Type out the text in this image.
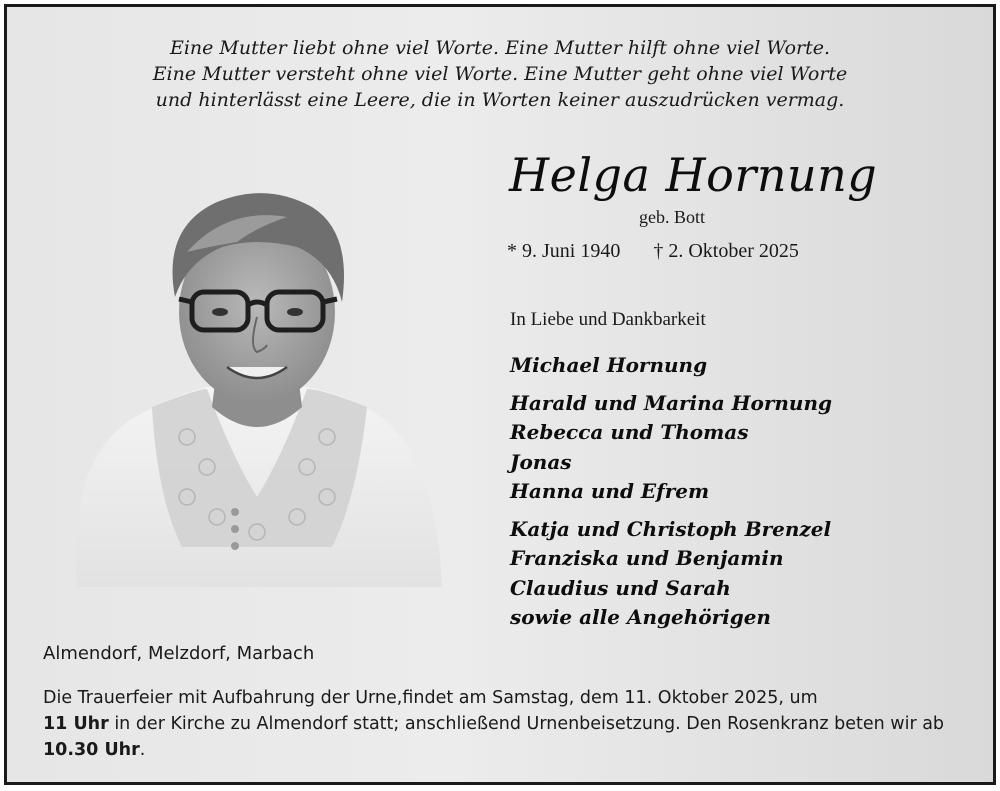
Eine Mutter liebt ohne viel Worte. Eine Mutter hilft ohne viel Worte.
Eine Mutter versteht ohne viel Worte. Eine Mutter geht ohne viel Worte
und hinterlässt eine Leere, die in Worten keiner auszudrücken vermag.
Helga Hornung
geb. Bott
* 9. Juni 1940 † 2. Oktober 2025
In Liebe und Dankbarkeit
Michael Hornung
Harald und Marina Hornung
Rebecca und Thomas
Jonas
Hanna und Efrem
Katja und Christoph Brenzel
Franziska und Benjamin
Claudius und Sarah
sowie alle Angehörigen
Almendorf, Melzdorf, Marbach
Die Trauerfeier mit Aufbahrung der Urne,findet am Samstag, dem 11. Oktober 2025, um
11 Uhr in der Kirche zu Almendorf statt; anschließend Urnenbeisetzung. Den Rosenkranz beten wir ab 10.30 Uhr.
